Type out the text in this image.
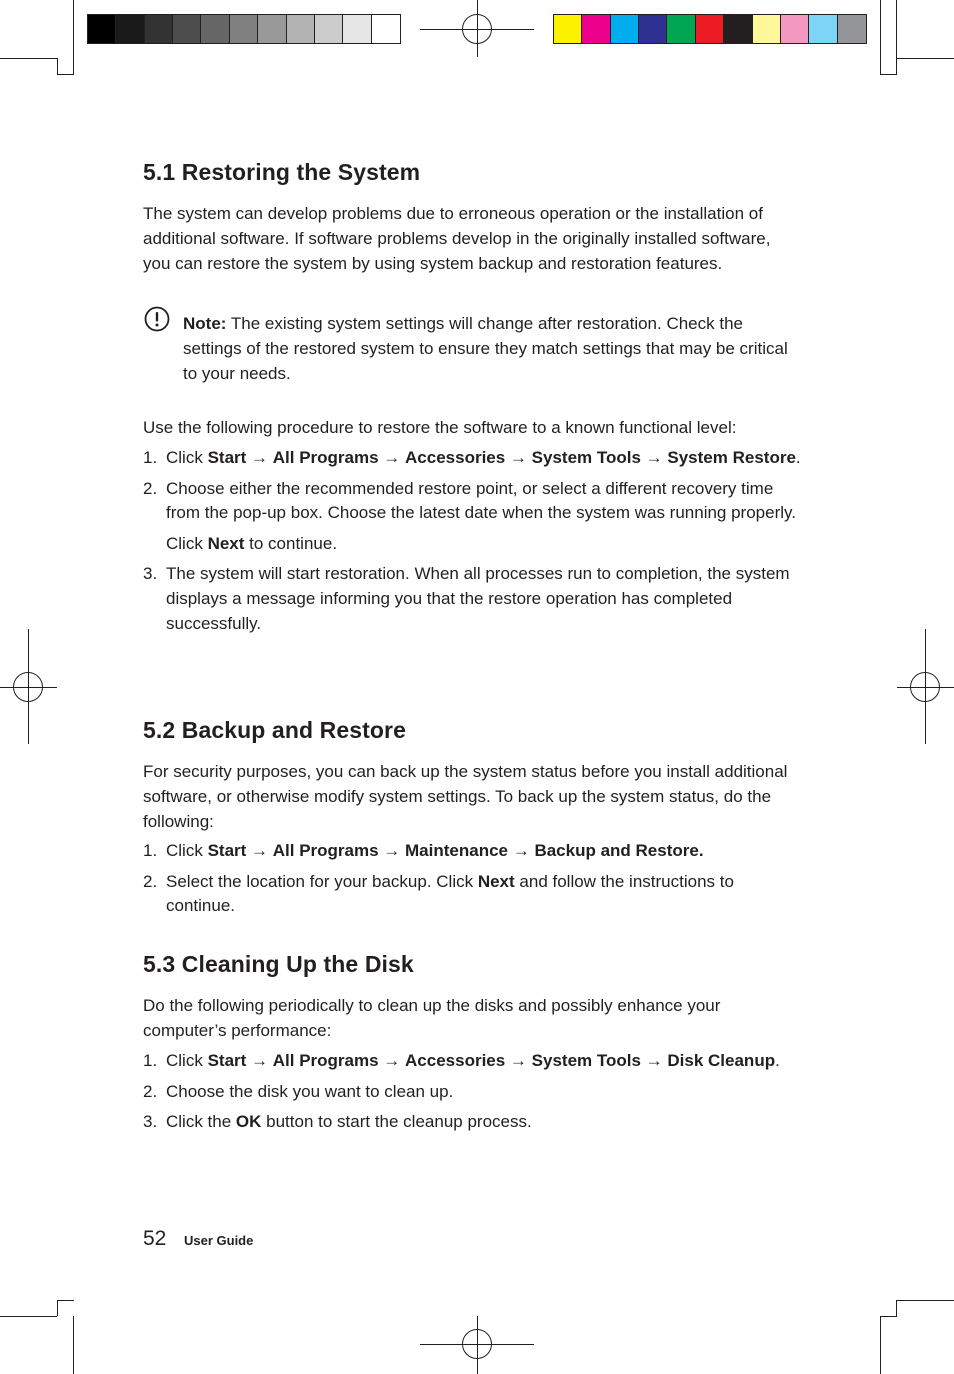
5.1 Restoring the System

The system can develop problems due to erroneous operation or the installation of additional software. If software problems develop in the originally installed software, you can restore the system by using system backup and restoration features.

Note: The existing system settings will change after restoration. Check the settings of the restored system to ensure they match settings that may be critical to your needs.

Use the following procedure to restore the software to a known functional level:

1. Click Start → All Programs → Accessories → System Tools → System Restore.
2. Choose either the recommended restore point, or select a different recovery time from the pop-up box. Choose the latest date when the system was running properly.
Click Next to continue.
3. The system will start restoration. When all processes run to completion, the system displays a message informing you that the restore operation has completed successfully.
5.2 Backup and Restore

For security purposes, you can back up the system status before you install additional software, or otherwise modify system settings. To back up the system status, do the following:

1. Click Start → All Programs → Maintenance → Backup and Restore.
2. Select the location for your backup. Click Next and follow the instructions to continue.
5.3 Cleaning Up the Disk

Do the following periodically to clean up the disks and possibly enhance your computer’s performance:

1. Click Start → All Programs → Accessories → System Tools → Disk Cleanup.
2. Choose the disk you want to clean up.
3. Click the OK button to start the cleanup process.
52 User Guide
